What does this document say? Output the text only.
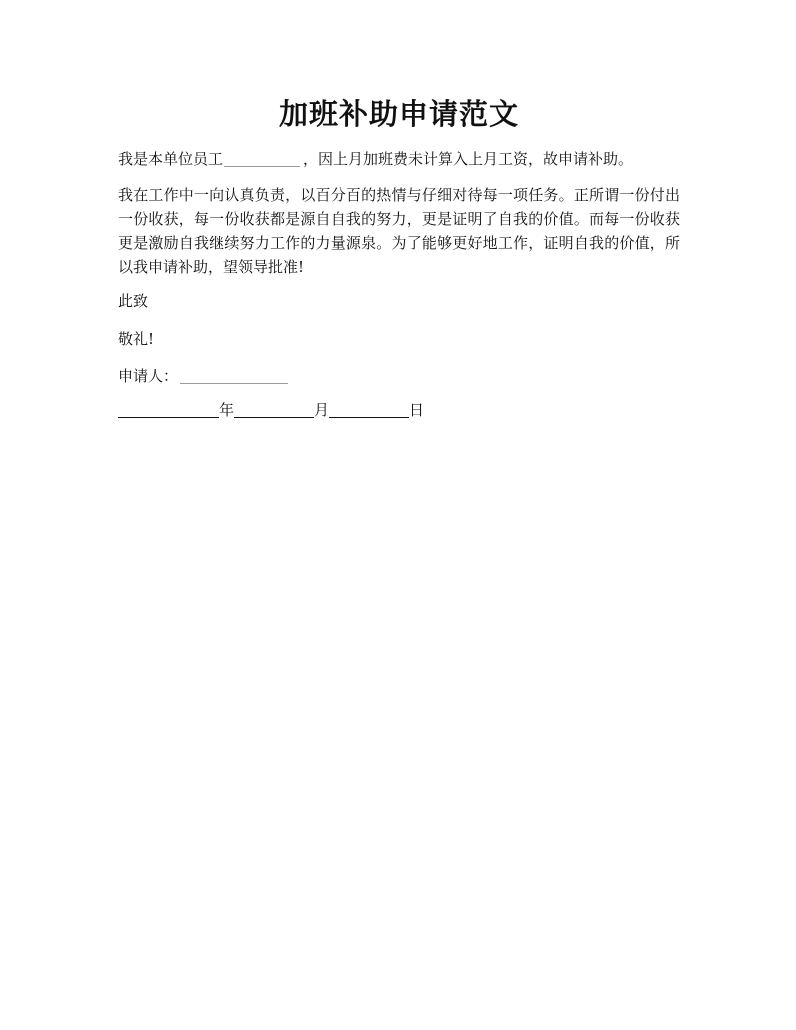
加班补助申请范文
我是本单位员工	，因上月加班费未计算入上月工资，故申请补助。
我在工作中一向认真负责，以百分百的热情与仔细对待每一项任务。正所谓一份付出一份收获，每一份收获都是源自自我的努力，更是证明了自我的价值。而每一份收获更是激励自我继续努力工作的力量源泉。为了能够更好地工作，证明自我的价值，所以我申请补助，望领导批准!
此致
敬礼!
申请人：
年	月	日
